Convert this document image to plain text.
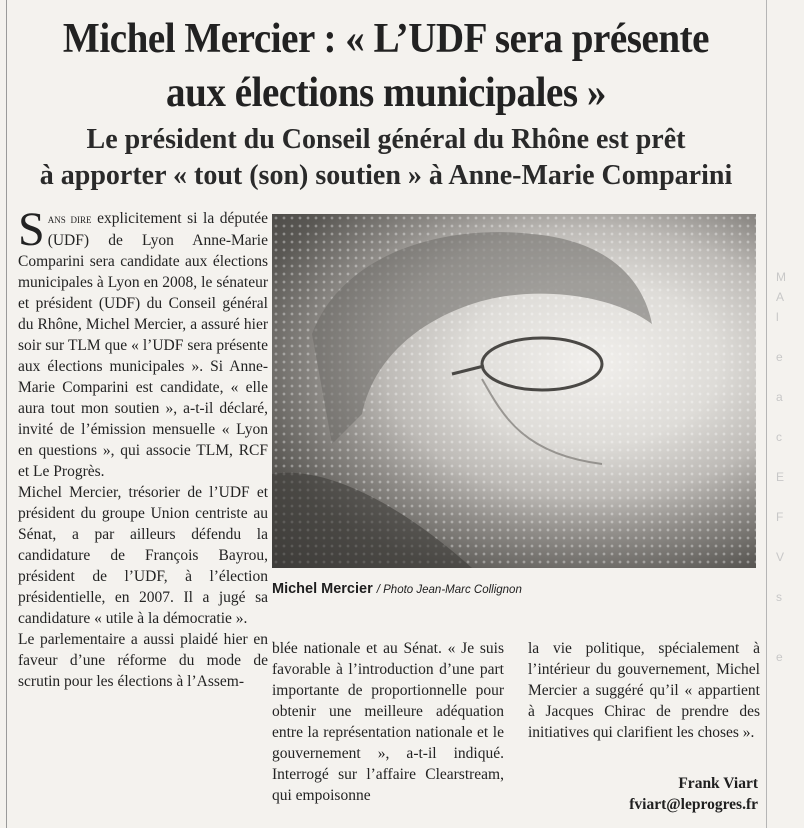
M
A
l
e
a
c
E
F
V
s
e
Michel Mercier : « L’UDF sera présente
aux élections municipales »
Le président du Conseil général du Rhône est prêt
à apporter « tout (son) soutien » à Anne-Marie Comparini

Sans dire explicitement si la députée (UDF) de Lyon Anne-Marie Comparini sera candidate aux élections municipales à Lyon en 2008, le sénateur et président (UDF) du Conseil général du Rhône, Michel Mercier, a assuré hier soir sur TLM que « l’UDF sera présente aux élections municipales ». Si Anne-Marie Comparini est candidate, « elle aura tout mon soutien », a-t-il déclaré, invité de l’émission mensuelle « Lyon en questions », qui associe TLM, RCF et Le Progrès.

Michel Mercier, trésorier de l’UDF et président du groupe Union centriste au Sénat, a par ailleurs défendu la candidature de François Bayrou, président de l’UDF, à l’élection présidentielle, en 2007. Il a jugé sa candidature « utile à la démocratie ».

Le parlementaire a aussi plaidé hier en faveur d’une réforme du mode de scrutin pour les élections à l’Assem-

Michel Mercier / Photo Jean-Marc Collignon

blée nationale et au Sénat. « Je suis favorable à l’introduction d’une part importante de proportionnelle pour obtenir une meilleure adéquation entre la représentation nationale et le gouvernement », a-t-il indiqué. Interrogé sur l’affaire Clearstream, qui empoisonne

la vie politique, spécialement à l’intérieur du gouvernement, Michel Mercier a suggéré qu’il « appartient à Jacques Chirac de prendre des initiatives qui clarifient les choses ».

Frank Viart
fviart@leprogres.fr
